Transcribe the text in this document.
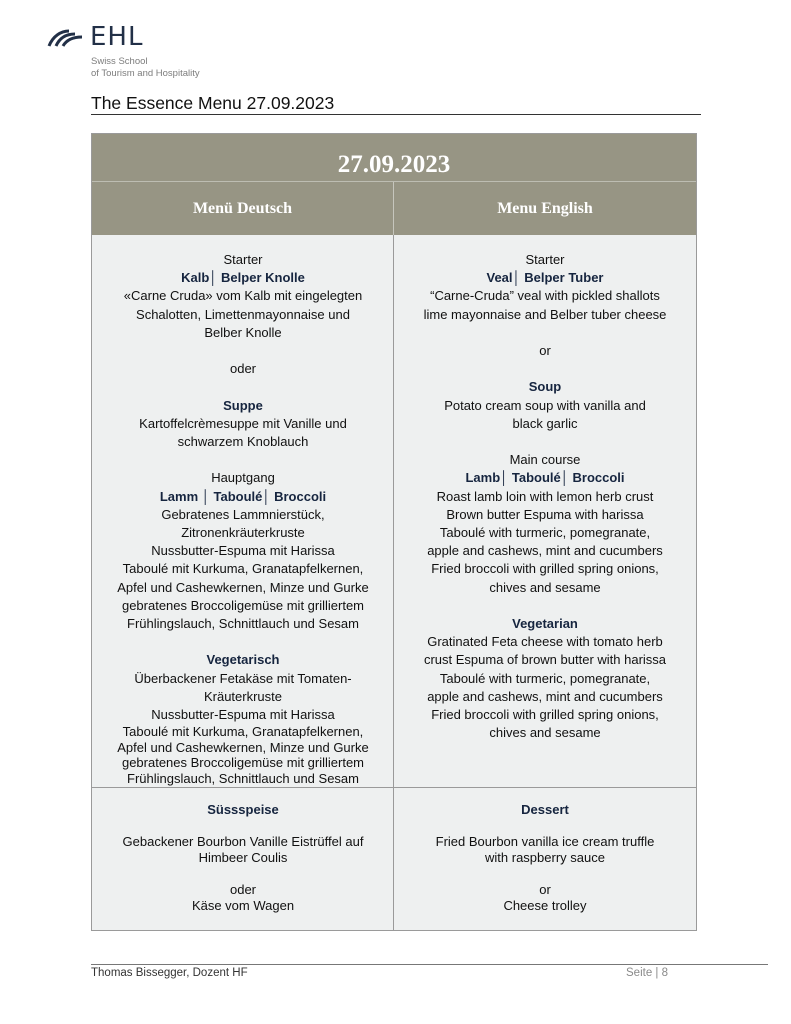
EHL
Swiss School
of Tourism and Hospitality
The Essence Menu 27.09.2023
27.09.2023
Menü Deutsch	Menu English
Starter
Kalb│ Belper Knolle
«Carne Cruda» vom Kalb mit eingelegten
Schalotten, Limettenmayonnaise und
Belber Knolle
oder
Suppe
Kartoffelcrèmesuppe mit Vanille und
schwarzem Knoblauch
Hauptgang
Lamm │ Taboulé│ Broccoli
Gebratenes Lammnierstück,
Zitronenkräuterkruste
Nussbutter-Espuma mit Harissa
Taboulé mit Kurkuma, Granatapfelkernen,
Apfel und Cashewkernen, Minze und Gurke
gebratenes Broccoligemüse mit grilliertem
Frühlingslauch, Schnittlauch und Sesam
Vegetarisch
Überbackener Fetakäse mit Tomaten-
Kräuterkruste
Nussbutter-Espuma mit Harissa
Taboulé mit Kurkuma, Granatapfelkernen,
Apfel und Cashewkernen, Minze und Gurke
gebratenes Broccoligemüse mit grilliertem
Frühlingslauch, Schnittlauch und Sesam
Starter
Veal│ Belper Tuber
“Carne-Cruda” veal with pickled shallots
lime mayonnaise and Belber tuber cheese
or
Soup
Potato cream soup with vanilla and
black garlic
Main course
Lamb│ Taboulé│ Broccoli
Roast lamb loin with lemon herb crust
Brown butter Espuma with harissa
Taboulé with turmeric, pomegranate,
apple and cashews, mint and cucumbers
Fried broccoli with grilled spring onions,
chives and sesame
Vegetarian
Gratinated Feta cheese with tomato herb
crust Espuma of brown butter with harissa
Taboulé with turmeric, pomegranate,
apple and cashews, mint and cucumbers
Fried broccoli with grilled spring onions,
chives and sesame
Süssspeise
Gebackener Bourbon Vanille Eistrüffel auf
Himbeer Coulis
oder
Käse vom Wagen
Dessert
Fried Bourbon vanilla ice cream truffle
with raspberry sauce
or
Cheese trolley
Thomas Bissegger, Dozent HF	Seite | 8
